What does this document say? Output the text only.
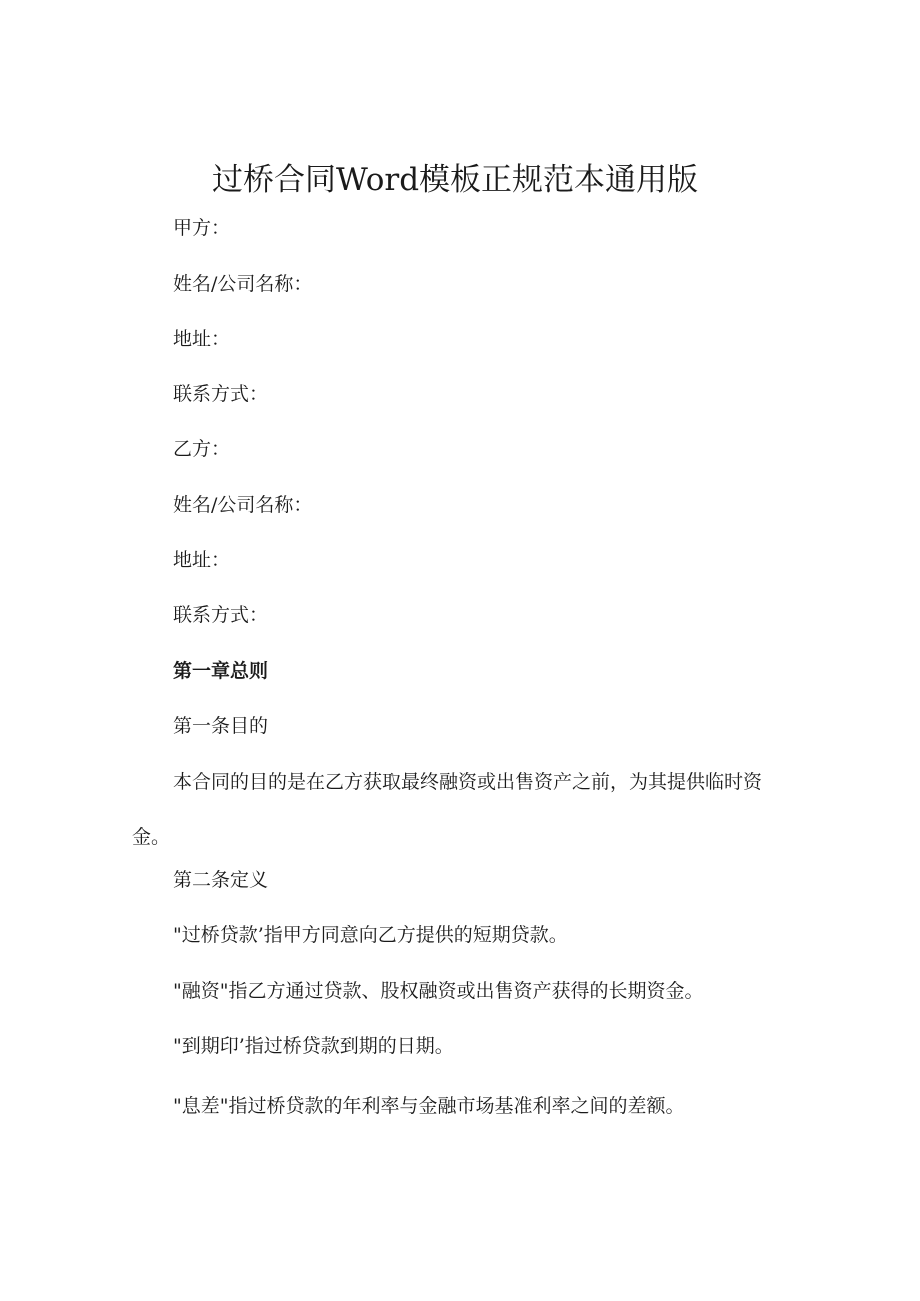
过桥合同Word模板正规范本通用版
甲方：
姓名/公司名称：
地址：
联系方式：
乙方：
姓名/公司名称：
地址：
联系方式：
第一章总则
第一条目的
本合同的目的是在乙方获取最终融资或出售资产之前，为其提供临时资金。
第二条定义
"过桥贷款’指甲方同意向乙方提供的短期贷款。
"融资"指乙方通过贷款、股权融资或出售资产获得的长期资金。
"到期印’指过桥贷款到期的日期。
"息差"指过桥贷款的年利率与金融市场基准利率之间的差额。
